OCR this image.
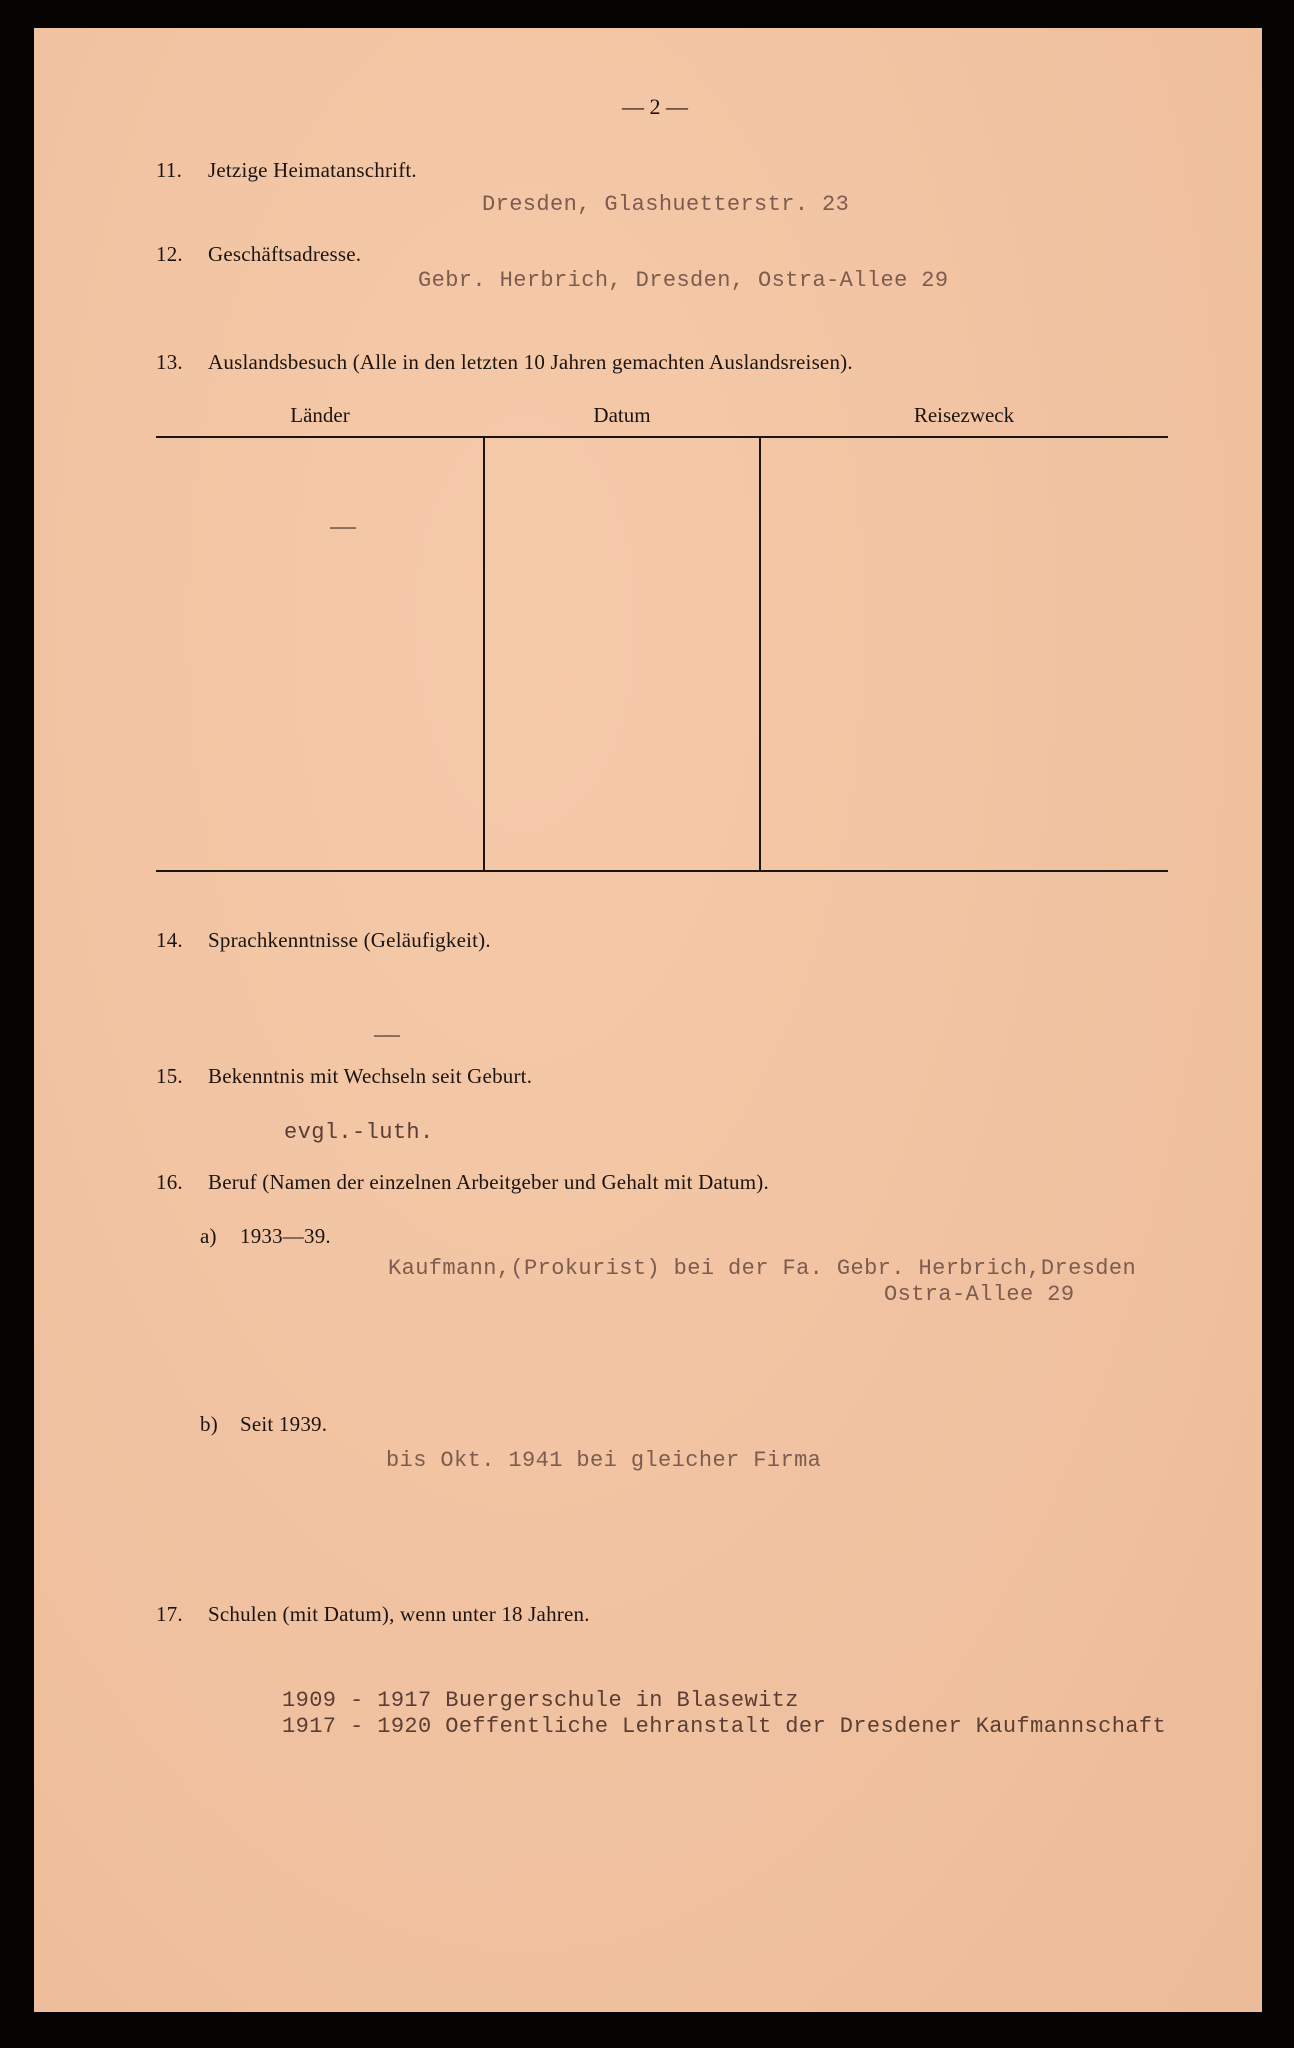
— 2 —
11. Jetzige Heimatanschrift.
Dresden, Glashuetterstr. 23
12. Geschäftsadresse.
Gebr. Herbrich, Dresden, Ostra-Allee 29
13. Auslandsbesuch (Alle in den letzten 10 Jahren gemachten Auslandsreisen).
Länder	Datum	Reisezweck
——
14. Sprachkenntnisse (Geläufigkeit).
——
15. Bekenntnis mit Wechseln seit Geburt.
evgl.-luth.
16. Beruf (Namen der einzelnen Arbeitgeber und Gehalt mit Datum).
a) 1933—39.
Kaufmann,(Prokurist) bei der Fa. Gebr. Herbrich,Dresden
Ostra-Allee 29
b) Seit 1939.
bis Okt. 1941 bei gleicher Firma
17. Schulen (mit Datum), wenn unter 18 Jahren.
1909 - 1917 Buergerschule in Blasewitz
1917 - 1920 Oeffentliche Lehranstalt der Dresdener Kaufmannschaft
